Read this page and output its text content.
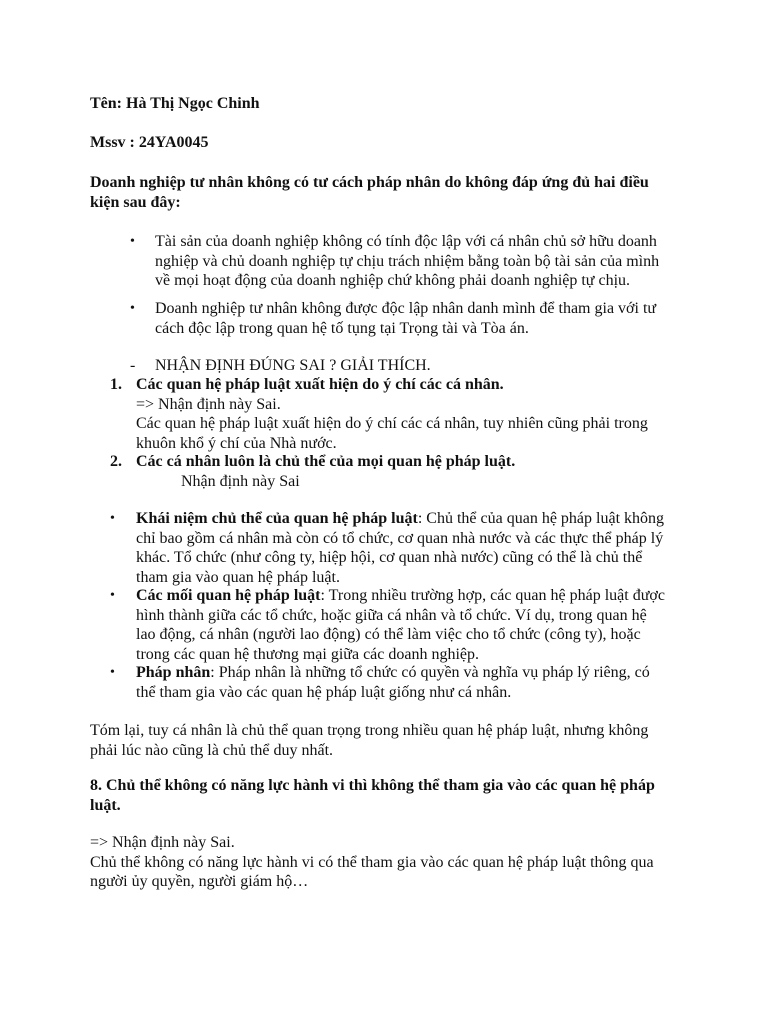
Tên: Hà Thị Ngọc Chinh

Mssv : 24YA0045

Doanh nghiệp tư nhân không có tư cách pháp nhân do không đáp ứng đủ hai điều
kiện sau đây:

• Tài sản của doanh nghiệp không có tính độc lập với cá nhân chủ sở hữu doanh
nghiệp và chủ doanh nghiệp tự chịu trách nhiệm bằng toàn bộ tài sản của mình
về mọi hoạt động của doanh nghiệp chứ không phải doanh nghiệp tự chịu.
• Doanh nghiệp tư nhân không được độc lập nhân danh mình để tham gia với tư
cách độc lập trong quan hệ tố tụng tại Trọng tài và Tòa án.
- NHẬN ĐỊNH ĐÚNG SAI ? GIẢI THÍCH.
1. Các quan hệ pháp luật xuất hiện do ý chí các cá nhân.
=> Nhận định này Sai.
Các quan hệ pháp luật xuất hiện do ý chí các cá nhân, tuy nhiên cũng phải trong
khuôn khổ ý chí của Nhà nước.
2. Các cá nhân luôn là chủ thể của mọi quan hệ pháp luật.
Nhận định này Sai
• Khái niệm chủ thể của quan hệ pháp luật: Chủ thể của quan hệ pháp luật không
chỉ bao gồm cá nhân mà còn có tổ chức, cơ quan nhà nước và các thực thể pháp lý
khác. Tổ chức (như công ty, hiệp hội, cơ quan nhà nước) cũng có thể là chủ thể
tham gia vào quan hệ pháp luật.
• Các mối quan hệ pháp luật: Trong nhiều trường hợp, các quan hệ pháp luật được
hình thành giữa các tổ chức, hoặc giữa cá nhân và tổ chức. Ví dụ, trong quan hệ
lao động, cá nhân (người lao động) có thể làm việc cho tổ chức (công ty), hoặc
trong các quan hệ thương mại giữa các doanh nghiệp.
• Pháp nhân: Pháp nhân là những tổ chức có quyền và nghĩa vụ pháp lý riêng, có
thể tham gia vào các quan hệ pháp luật giống như cá nhân.

Tóm lại, tuy cá nhân là chủ thể quan trọng trong nhiều quan hệ pháp luật, nhưng không
phải lúc nào cũng là chủ thể duy nhất.

8. Chủ thể không có năng lực hành vi thì không thể tham gia vào các quan hệ pháp
luật.

=> Nhận định này Sai.
Chủ thể không có năng lực hành vi có thể tham gia vào các quan hệ pháp luật thông qua
người ủy quyền, người giám hộ…
